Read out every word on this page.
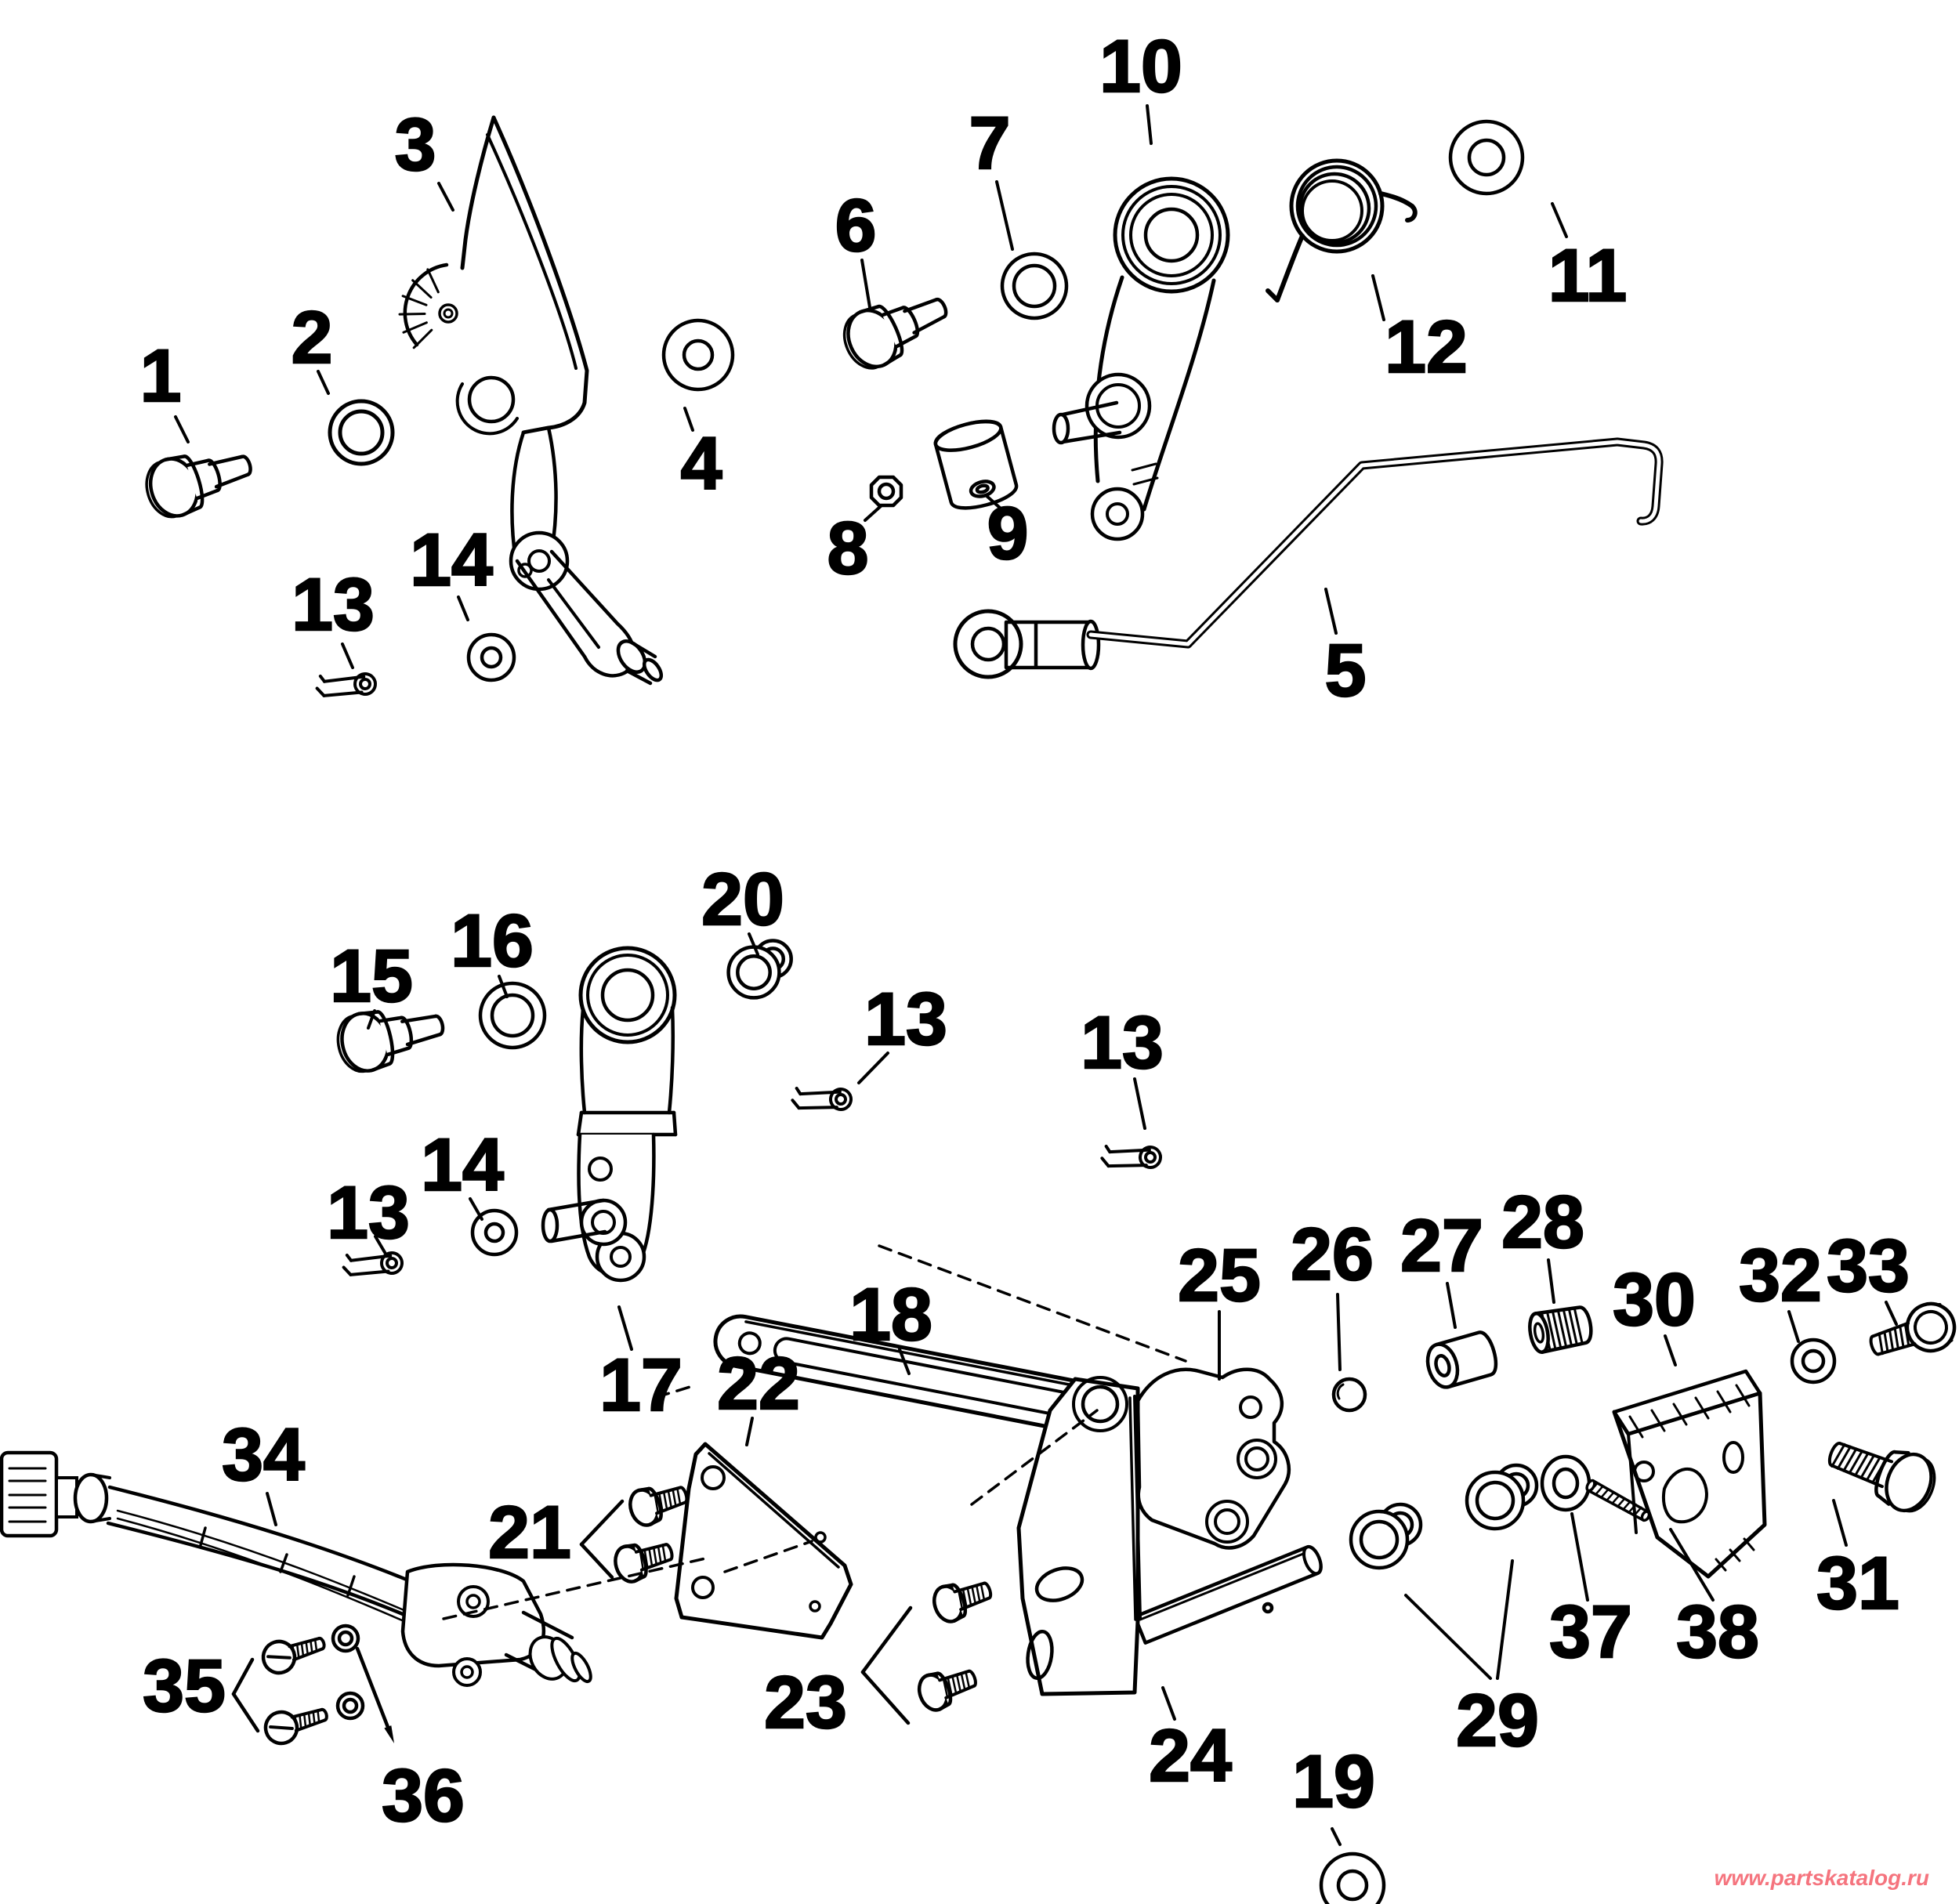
1 2
3
4
13
14
6
7
10
11
12
8 9
5
15 16 20
13 13
14
13
17 22
18	25 26 27 28
30 32 33
31
37 38
29
19
24
23
21
34
35
36
www.partskatalog.ru
